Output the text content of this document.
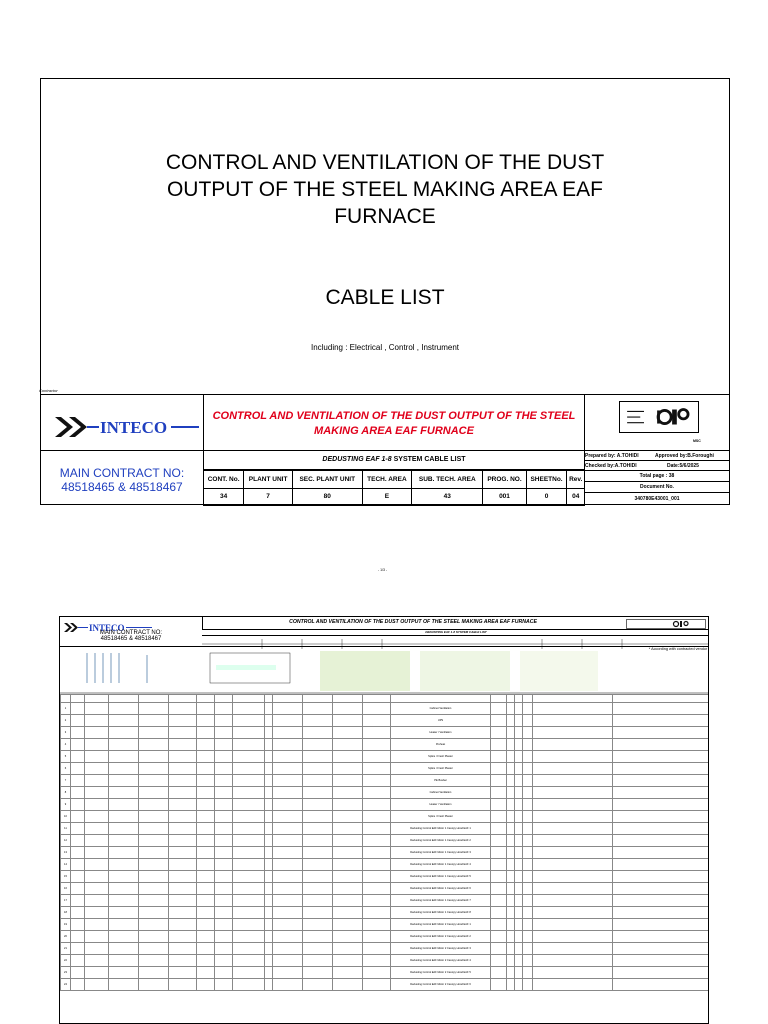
CONTROL AND VENTILATION OF THE DUST
OUTPUT OF THE STEEL MAKING AREA EAF
FURNACE
CABLE LIST
Including : Electrical , Control , Instrument
Contractor
INTECO
CONTROL AND VENTILATION OF THE DUST OUTPUT OF THE STEEL MAKING AREA EAF FURNACE
MAIN CONTRACT NO:
48518465 & 48518467
DEDUSTING EAF 1-8 SYSTEM CABLE LIST
CONT. No.	PLANT UNIT	SEC. PLANT UNIT	TECH. AREA	SUB. TECH. AREA	PROG. NO.	SHEETNo.	Rev.
34	7	80	E	43	001	0	04
MSC
Prepared by: A.TOHIDI	Approved by:B.Foroughi
Checked by:A.TOHIDI	Date:5/6/2025
Total page : 38
Document No.
340780E43001_001
- 1/3 -
INTECO
CONTROL AND VENTILATION OF THE DUST OUTPUT OF THE STEEL MAKING AREA EAF FURNACE
MAIN CONTRACT NO:
48518465 & 48518467
DEDUSTING EAF 1-8 SYSTEM CABLE LIST
* According with contracted vendor

1														Cabinet Ventilation						
2														UPS						
3														Heater / Ventilation						
4														Preheat						
5														Splice / Fresh Plaster						
6														Splice / Fresh Plaster						
7														PE Busbar						
8														Cabinet Ventilation						
9														Heater / Ventilation						
10														Splice / Fresh Plaster						
11														Dedusting Control EAF Motor 1 Canopy Hood EAF 1						
12														Dedusting Control EAF Motor 1 Canopy Hood EAF 2						
13														Dedusting Control EAF Motor 1 Canopy Hood EAF 3						
14														Dedusting Control EAF Motor 1 Canopy Hood EAF 4						
15														Dedusting Control EAF Motor 1 Canopy Hood EAF 5						
16														Dedusting Control EAF Motor 1 Canopy Hood EAF 6						
17														Dedusting Control EAF Motor 1 Canopy Hood EAF 7						
18														Dedusting Control EAF Motor 1 Canopy Hood EAF 8						
19														Dedusting Control EAF Motor 2 Canopy Hood EAF 1						
20														Dedusting Control EAF Motor 2 Canopy Hood EAF 2						
21														Dedusting Control EAF Motor 2 Canopy Hood EAF 3						
22														Dedusting Control EAF Motor 2 Canopy Hood EAF 4						
23														Dedusting Control EAF Motor 2 Canopy Hood EAF 5						
24														Dedusting Control EAF Motor 2 Canopy Hood EAF 6						
